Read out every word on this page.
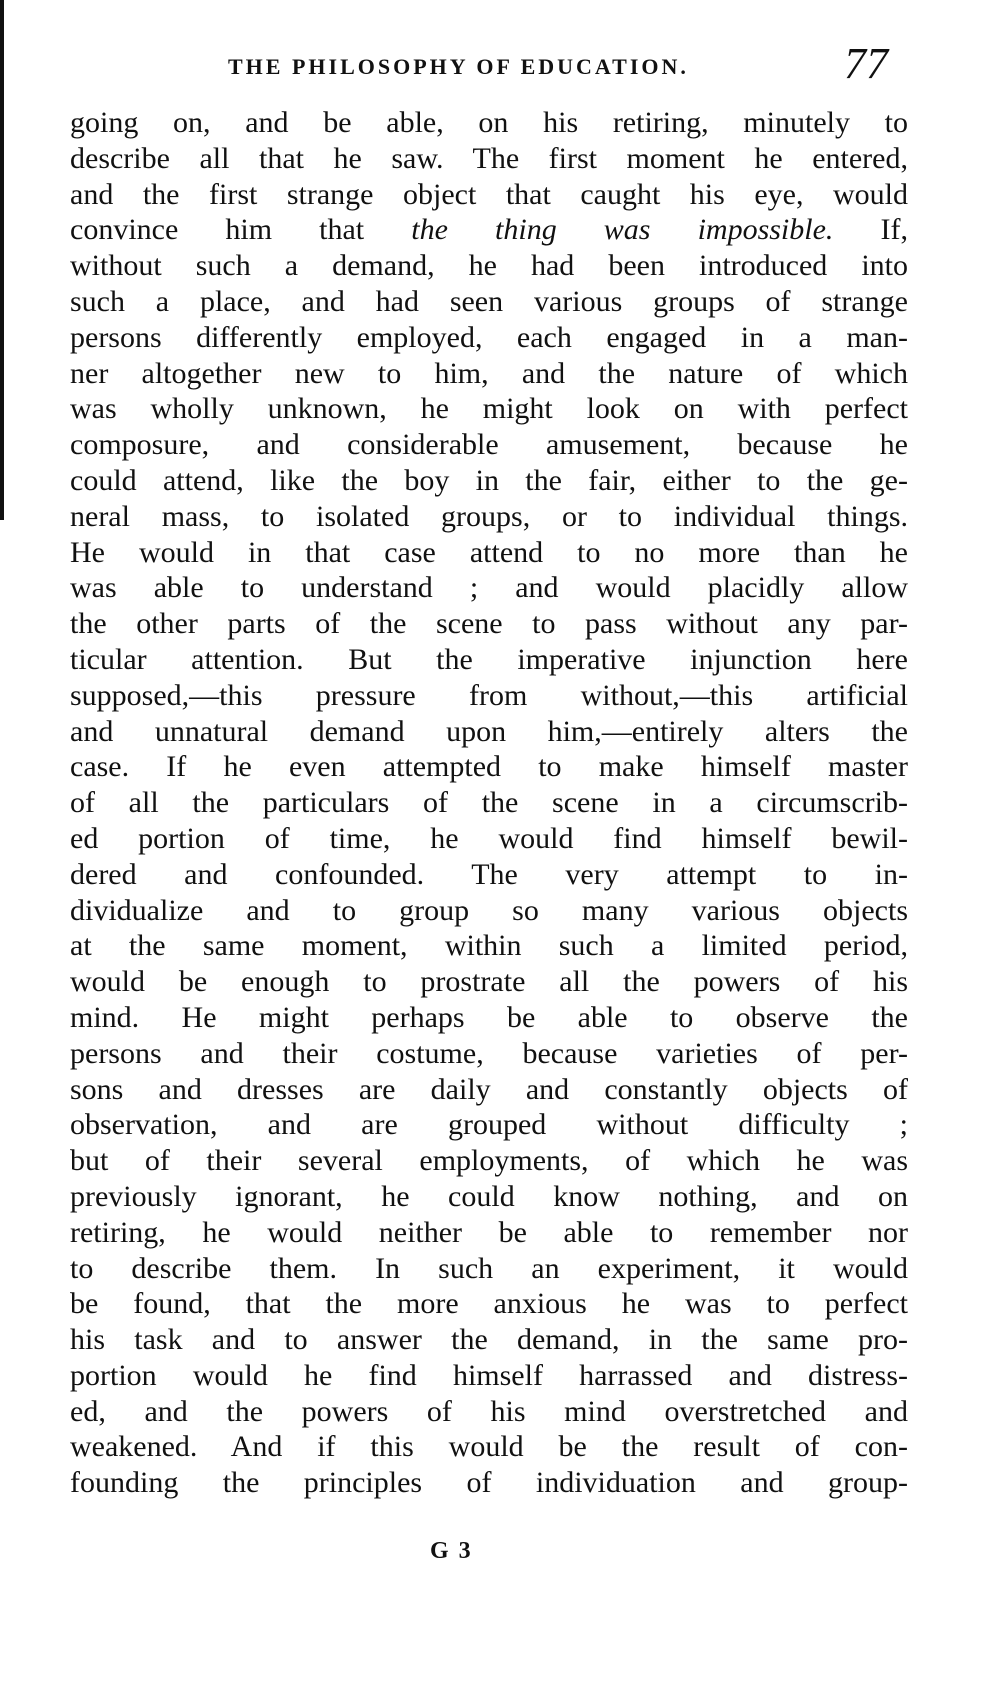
THE PHILOSOPHY OF EDUCATION.	77
going on, and be able, on his retiring, minutely to
describe all that he saw. The first moment he entered,
and the first strange object that caught his eye, would
convince him that the thing was impossible. If,
without such a demand, he had been introduced into
such a place, and had seen various groups of strange
persons differently employed, each engaged in a man-
ner altogether new to him, and the nature of which
was wholly unknown, he might look on with perfect
composure, and considerable amusement, because he
could attend, like the boy in the fair, either to the ge-
neral mass, to isolated groups, or to individual things.
He would in that case attend to no more than he
was able to understand ; and would placidly allow
the other parts of the scene to pass without any par-
ticular attention. But the imperative injunction here
supposed,—this pressure from without,—this artificial
and unnatural demand upon him,—entirely alters the
case. If he even attempted to make himself master
of all the particulars of the scene in a circumscrib-
ed portion of time, he would find himself bewil-
dered and confounded. The very attempt to in-
dividualize and to group so many various objects
at the same moment, within such a limited period,
would be enough to prostrate all the powers of his
mind. He might perhaps be able to observe the
persons and their costume, because varieties of per-
sons and dresses are daily and constantly objects of
observation, and are grouped without difficulty ;
but of their several employments, of which he was
previously ignorant, he could know nothing, and on
retiring, he would neither be able to remember nor
to describe them. In such an experiment, it would
be found, that the more anxious he was to perfect
his task and to answer the demand, in the same pro-
portion would he find himself harrassed and distress-
ed, and the powers of his mind overstretched and
weakened. And if this would be the result of con-
founding the principles of individuation and group-
G 3
